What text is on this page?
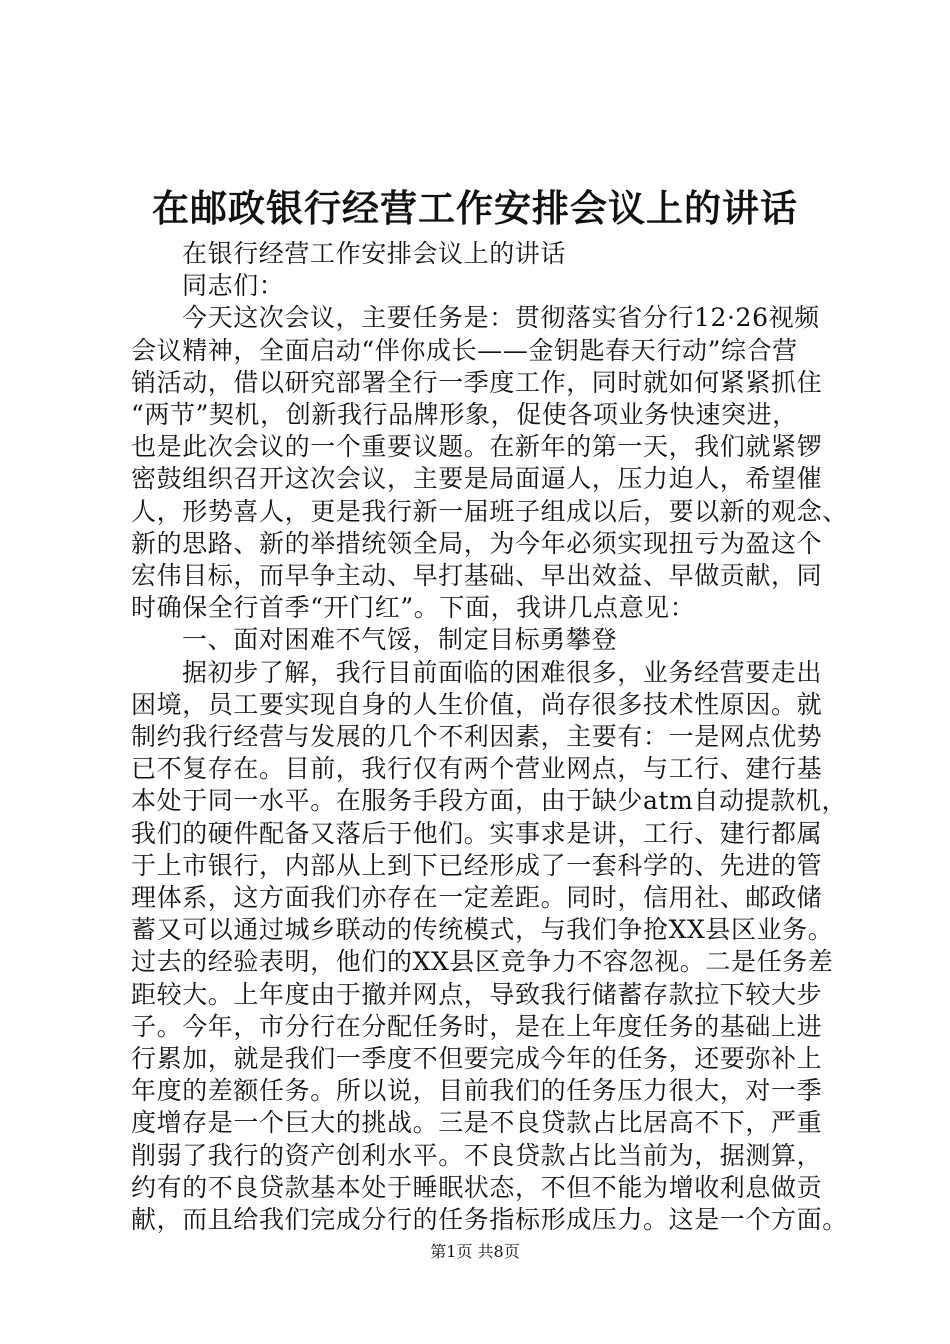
在邮政银行经营工作安排会议上的讲话
在银行经营工作安排会议上的讲话
同志们：
今天这次会议，主要任务是：贯彻落实省分行12·26视频
会议精神，全面启动“伴你成长——金钥匙春天行动”综合营
销活动，借以研究部署全行一季度工作，同时就如何紧紧抓住
“两节”契机，创新我行品牌形象，促使各项业务快速突进，
也是此次会议的一个重要议题。在新年的第一天，我们就紧锣
密鼓组织召开这次会议，主要是局面逼人，压力迫人，希望催
人，形势喜人，更是我行新一届班子组成以后，要以新的观念、
新的思路、新的举措统领全局，为今年必须实现扭亏为盈这个
宏伟目标，而早争主动、早打基础、早出效益、早做贡献，同
时确保全行首季“开门红”。下面，我讲几点意见：
一、面对困难不气馁，制定目标勇攀登
据初步了解，我行目前面临的困难很多，业务经营要走出
困境，员工要实现自身的人生价值，尚存很多技术性原因。就
制约我行经营与发展的几个不利因素，主要有：一是网点优势
已不复存在。目前，我行仅有两个营业网点，与工行、建行基
本处于同一水平。在服务手段方面，由于缺少atm自动提款机，
我们的硬件配备又落后于他们。实事求是讲，工行、建行都属
于上市银行，内部从上到下已经形成了一套科学的、先进的管
理体系，这方面我们亦存在一定差距。同时，信用社、邮政储
蓄又可以通过城乡联动的传统模式，与我们争抢XX县区业务。
过去的经验表明，他们的XX县区竞争力不容忽视。二是任务差
距较大。上年度由于撤并网点，导致我行储蓄存款拉下较大步
子。今年，市分行在分配任务时，是在上年度任务的基础上进
行累加，就是我们一季度不但要完成今年的任务，还要弥补上
年度的差额任务。所以说，目前我们的任务压力很大，对一季
度增存是一个巨大的挑战。三是不良贷款占比居高不下，严重
削弱了我行的资产创利水平。不良贷款占比当前为，据测算，
约有的不良贷款基本处于睡眠状态，不但不能为增收利息做贡
献，而且给我们完成分行的任务指标形成压力。这是一个方面。
第1页 共8页
